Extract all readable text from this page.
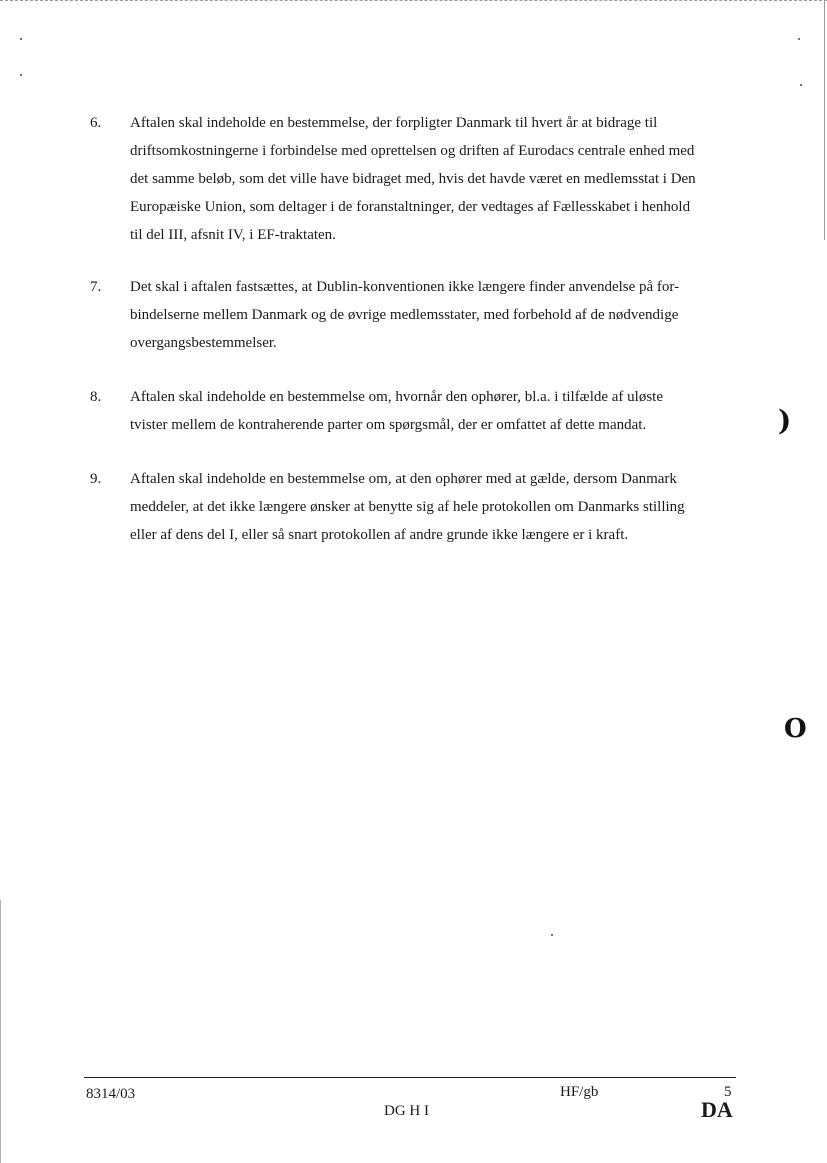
)
O
6. Aftalen skal indeholde en bestemmelse, der forpligter Danmark til hvert år at bidrage til
driftsomkostningerne i forbindelse med oprettelsen og driften af Eurodacs centrale enhed med
det samme beløb, som det ville have bidraget med, hvis det havde været en medlemsstat i Den
Europæiske Union, som deltager i de foranstaltninger, der vedtages af Fællesskabet i henhold
til del III, afsnit IV, i EF-traktaten.
7. Det skal i aftalen fastsættes, at Dublin-konventionen ikke længere finder anvendelse på for-
bindelserne mellem Danmark og de øvrige medlemsstater, med forbehold af de nødvendige
overgangsbestemmelser.
8. Aftalen skal indeholde en bestemmelse om, hvornår den ophører, bl.a. i tilfælde af uløste
tvister mellem de kontraherende parter om spørgsmål, der er omfattet af dette mandat.
9. Aftalen skal indeholde en bestemmelse om, at den ophører med at gælde, dersom Danmark
meddeler, at det ikke længere ønsker at benytte sig af hele protokollen om Danmarks stilling
eller af dens del I, eller så snart protokollen af andre grunde ikke længere er i kraft.
8314/03	HF/gb	5
DG H I	DA
